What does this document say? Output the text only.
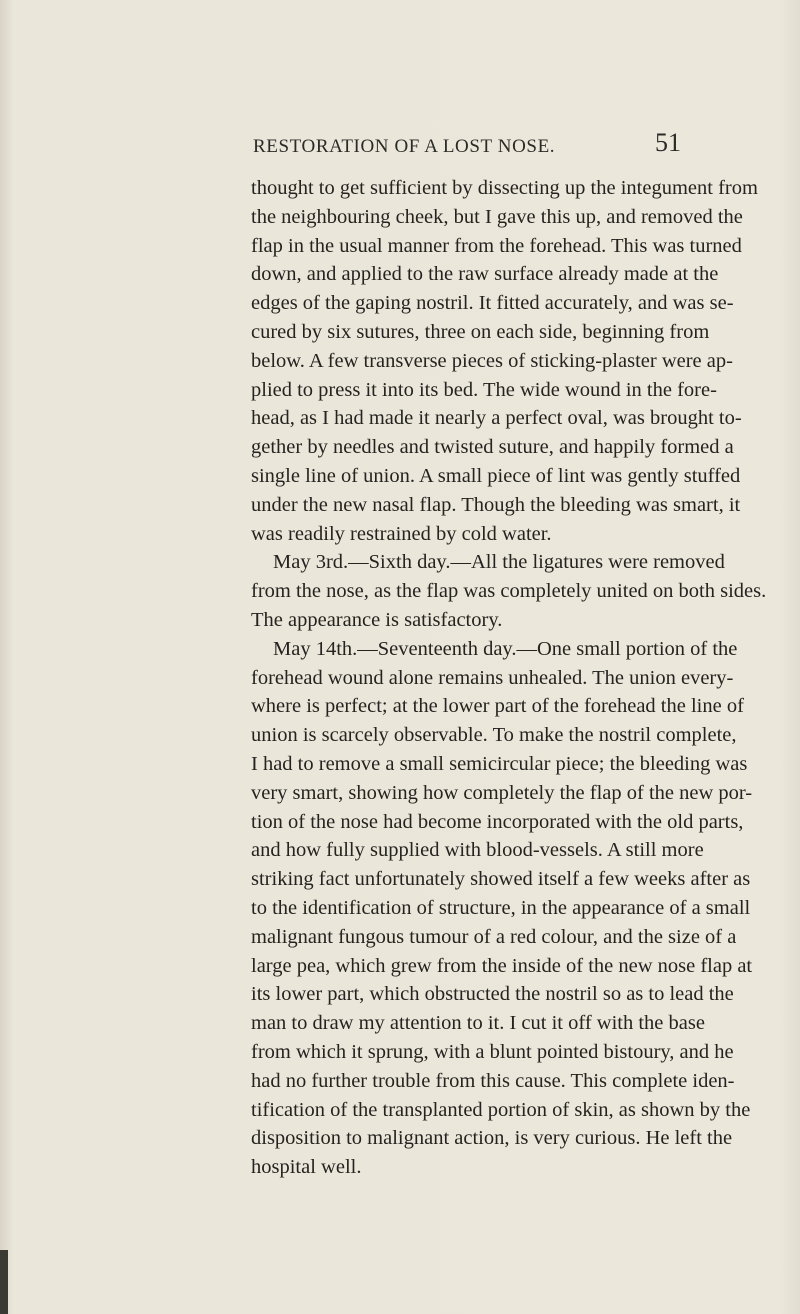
RESTORATION OF A LOST NOSE.	51
thought to get sufficient by dissecting up the integument from
the neighbouring cheek, but I gave this up, and removed the
flap in the usual manner from the forehead. This was turned
down, and applied to the raw surface already made at the
edges of the gaping nostril. It fitted accurately, and was se-
cured by six sutures, three on each side, beginning from
below. A few transverse pieces of sticking-plaster were ap-
plied to press it into its bed. The wide wound in the fore-
head, as I had made it nearly a perfect oval, was brought to-
gether by needles and twisted suture, and happily formed a
single line of union. A small piece of lint was gently stuffed
under the new nasal flap. Though the bleeding was smart, it
was readily restrained by cold water.
May 3rd.—Sixth day.—All the ligatures were removed
from the nose, as the flap was completely united on both sides.
The appearance is satisfactory.
May 14th.—Seventeenth day.—One small portion of the
forehead wound alone remains unhealed. The union every-
where is perfect; at the lower part of the forehead the line of
union is scarcely observable. To make the nostril complete,
I had to remove a small semicircular piece; the bleeding was
very smart, showing how completely the flap of the new por-
tion of the nose had become incorporated with the old parts,
and how fully supplied with blood-vessels. A still more
striking fact unfortunately showed itself a few weeks after as
to the identification of structure, in the appearance of a small
malignant fungous tumour of a red colour, and the size of a
large pea, which grew from the inside of the new nose flap at
its lower part, which obstructed the nostril so as to lead the
man to draw my attention to it. I cut it off with the base
from which it sprung, with a blunt pointed bistoury, and he
had no further trouble from this cause. This complete iden-
tification of the transplanted portion of skin, as shown by the
disposition to malignant action, is very curious. He left the
hospital well.
